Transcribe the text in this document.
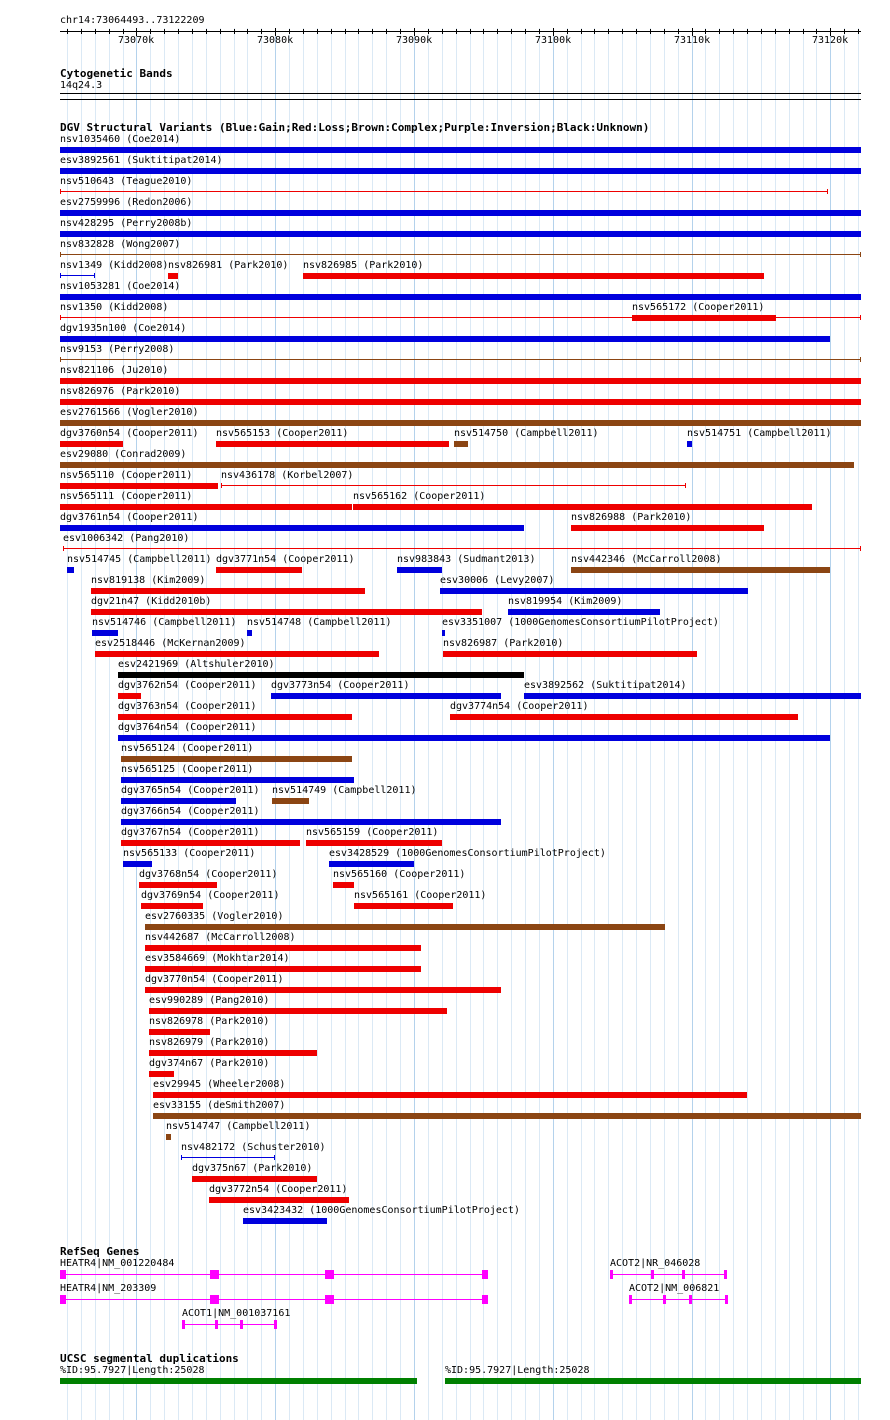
chr14:73064493..73122209
73070k	73080k	73090k	73100k	73110k	73120k
Cytogenetic Bands
14q24.3
DGV Structural Variants (Blue:Gain;Red:Loss;Brown:Complex;Purple:Inversion;Black:Unknown)
nsv1035460 (Coe2014)
esv3892561 (Suktitipat2014)
nsv510643 (Teague2010)
esv2759996 (Redon2006)
nsv428295 (Perry2008b)
nsv832828 (Wong2007)
nsv1349 (Kidd2008) nsv826981 (Park2010) nsv826985 (Park2010)
nsv1053281 (Coe2014)
nsv1350 (Kidd2008)	nsv565172 (Cooper2011)
dgv1935n100 (Coe2014)
nsv9153 (Perry2008)
nsv821106 (Ju2010)
nsv826976 (Park2010)
esv2761566 (Vogler2010)
dgv3760n54 (Cooper2011) nsv565153 (Cooper2011)	nsv514750 (Campbell2011)	nsv514751 (Campbell2011)
esv29080 (Conrad2009)
nsv565110 (Cooper2011)	nsv436178 (Korbel2007)
nsv565111 (Cooper2011)	nsv565162 (Cooper2011)
dgv3761n54 (Cooper2011)	nsv826988 (Park2010)
esv1006342 (Pang2010)
nsv514745 (Campbell2011) dgv3771n54 (Cooper2011)	nsv983843 (Sudmant2013)	nsv442346 (McCarroll2008)
nsv819138 (Kim2009)	esv30006 (Levy2007)
dgv21n47 (Kidd2010b)	nsv819954 (Kim2009)
nsv514746 (Campbell2011) nsv514748 (Campbell2011)	esv3351007 (1000GenomesConsortiumPilotProject)
esv2518446 (McKernan2009)	nsv826987 (Park2010)
esv2421969 (Altshuler2010)
dgv3762n54 (Cooper2011) dgv3773n54 (Cooper2011)	esv3892562 (Suktitipat2014)
dgv3763n54 (Cooper2011)	dgv3774n54 (Cooper2011)
dgv3764n54 (Cooper2011)
nsv565124 (Cooper2011)
nsv565125 (Cooper2011)
dgv3765n54 (Cooper2011) nsv514749 (Campbell2011)
dgv3766n54 (Cooper2011)
dgv3767n54 (Cooper2011)	nsv565159 (Cooper2011)
nsv565133 (Cooper2011)	esv3428529 (1000GenomesConsortiumPilotProject)
dgv3768n54 (Cooper2011)	nsv565160 (Cooper2011)
dgv3769n54 (Cooper2011)	nsv565161 (Cooper2011)
esv2760335 (Vogler2010)
nsv442687 (McCarroll2008)
esv3584669 (Mokhtar2014)
dgv3770n54 (Cooper2011)
esv990289 (Pang2010)
nsv826978 (Park2010)
nsv826979 (Park2010)
dgv374n67 (Park2010)
esv29945 (Wheeler2008)
esv33155 (deSmith2007)
nsv514747 (Campbell2011)
nsv482172 (Schuster2010)
dgv375n67 (Park2010)
dgv3772n54 (Cooper2011)
esv3423432 (1000GenomesConsortiumPilotProject)
RefSeq Genes
HEATR4|NM_001220484
HEATR4|NM_203309
ACOT1|NM_001037161
ACOT2|NR_046028
ACOT2|NM_006821
UCSC segmental duplications
%ID:95.7927|Length:25028	%ID:95.7927|Length:25028
